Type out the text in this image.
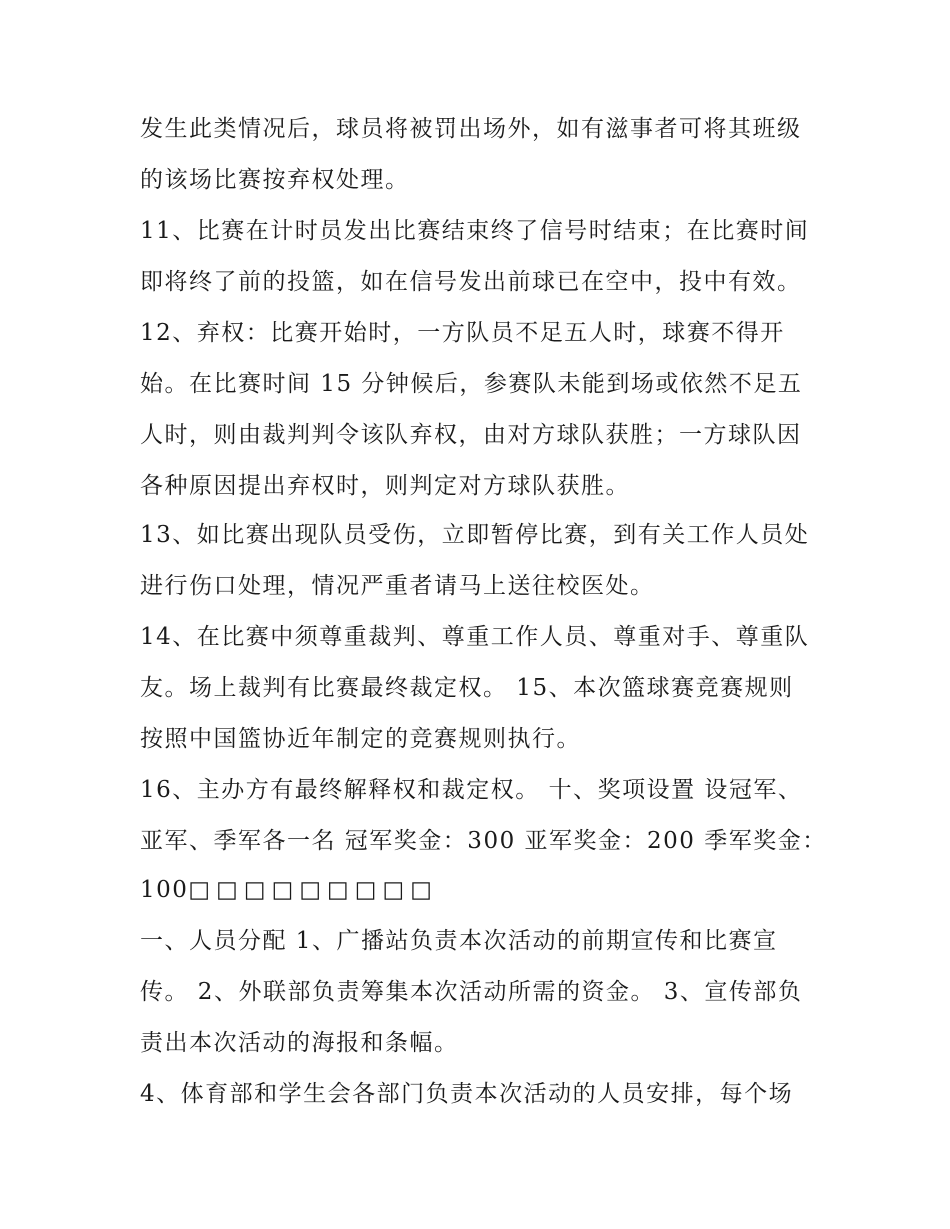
发生此类情况后，球员将被罚出场外，如有滋事者可将其班级

的该场比赛按弃权处理。

11、比赛在计时员发出比赛结束终了信号时结束；在比赛时间

即将终了前的投篮，如在信号发出前球已在空中，投中有效。

12、弃权：比赛开始时，一方队员不足五人时，球赛不得开

始。在比赛时间 15 分钟候后，参赛队未能到场或依然不足五

人时，则由裁判判令该队弃权，由对方球队获胜；一方球队因

各种原因提出弃权时，则判定对方球队获胜。

13、如比赛出现队员受伤，立即暂停比赛，到有关工作人员处

进行伤口处理，情况严重者请马上送往校医处。

14、在比赛中须尊重裁判、尊重工作人员、尊重对手、尊重队

友。场上裁判有比赛最终裁定权。 15、本次篮球赛竞赛规则

按照中国篮协近年制定的竞赛规则执行。

16、主办方有最终解释权和裁定权。 十、奖项设置 设冠军、

亚军、季军各一名 冠军奖金：300 亚军奖金：200 季军奖金：

100□□□□□□□□□

一、人员分配 1、广播站负责本次活动的前期宣传和比赛宣

传。 2、外联部负责筹集本次活动所需的资金。 3、宣传部负

责出本次活动的海报和条幅。

4、体育部和学生会各部门负责本次活动的人员安排，每个场
